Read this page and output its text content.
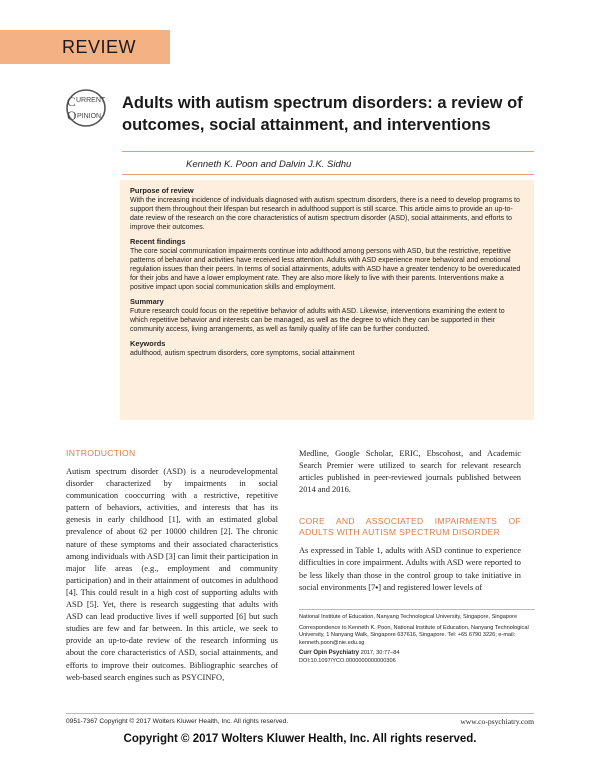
REVIEW
C URRENT
O PINION
Adults with autism spectrum disorders: a review of outcomes, social attainment, and interventions
Kenneth K. Poon and Dalvin J.K. Sidhu
Purpose of review

With the increasing incidence of individuals diagnosed with autism spectrum disorders, there is a need to develop programs to support them throughout their lifespan but research in adulthood support is still scarce. This article aims to provide an up-to-date review of the research on the core characteristics of autism spectrum disorder (ASD), social attainments, and efforts to improve their outcomes.

Recent findings

The core social communication impairments continue into adulthood among persons with ASD, but the restrictive, repetitive patterns of behavior and activities have received less attention. Adults with ASD experience more behavioral and emotional regulation issues than their peers. In terms of social attainments, adults with ASD have a greater tendency to be overeducated for their jobs and have a lower employment rate. They are also more likely to live with their parents. Interventions make a positive impact upon social communication skills and employment.

Summary

Future research could focus on the repetitive behavior of adults with ASD. Likewise, interventions examining the extent to which repetitive behavior and interests can be managed, as well as the degree to which they can be supported in their community access, living arrangements, as well as family quality of life can be further conducted.

Keywords

adulthood, autism spectrum disorders, core symptoms, social attainment

INTRODUCTION

Autism spectrum disorder (ASD) is a neurodevelopmental disorder characterized by impairments in social communication cooccurring with a restrictive, repetitive pattern of behaviors, activities, and interests that has its genesis in early childhood [1], with an estimated global prevalence of about 62 per 10000 children [2]. The chronic nature of these symptoms and their associated characteristics among individuals with ASD [3] can limit their participation in major life areas (e.g., employment and community participation) and in their attainment of outcomes in adulthood [4]. This could result in a high cost of supporting adults with ASD [5]. Yet, there is research suggesting that adults with ASD can lead productive lives if well supported [6] but such studies are few and far between. In this article, we seek to provide an up-to-date review of the research informing us about the core characteristics of ASD, social attainments, and efforts to improve their outcomes. Bibliographic searches of web-based search engines such as PSYCINFO,

Medline, Google Scholar, ERIC, Ebscohost, and Academic Search Premier were utilized to search for relevant research articles published in peer-reviewed journals published between 2014 and 2016.

CORE AND ASSOCIATED IMPAIRMENTS OF ADULTS WITH AUTISM SPECTRUM DISORDER

As expressed in Table 1, adults with ASD continue to experience difficulties in core impairment. Adults with ASD were reported to be less likely than those in the control group to take initiative in social environments [7▪] and registered lower levels of

National Institute of Education, Nanyang Technological University, Singapore, Singapore

Correspondence to Kenneth K. Poon, National Institute of Education, Nanyang Technological University, 1 Nanyang Walk, Singapore 637616, Singapore. Tel: +65 6790 3226; e-mail: kenneth.poon@nie.edu.sg

Curr Opin Psychiatry 2017, 30:77–84

DOI:10.1097/YCO.0000000000000306

0951-7367 Copyright © 2017 Wolters Kluwer Health, Inc. All rights reserved.	www.co-psychiatry.com
Copyright © 2017 Wolters Kluwer Health, Inc. All rights reserved.
